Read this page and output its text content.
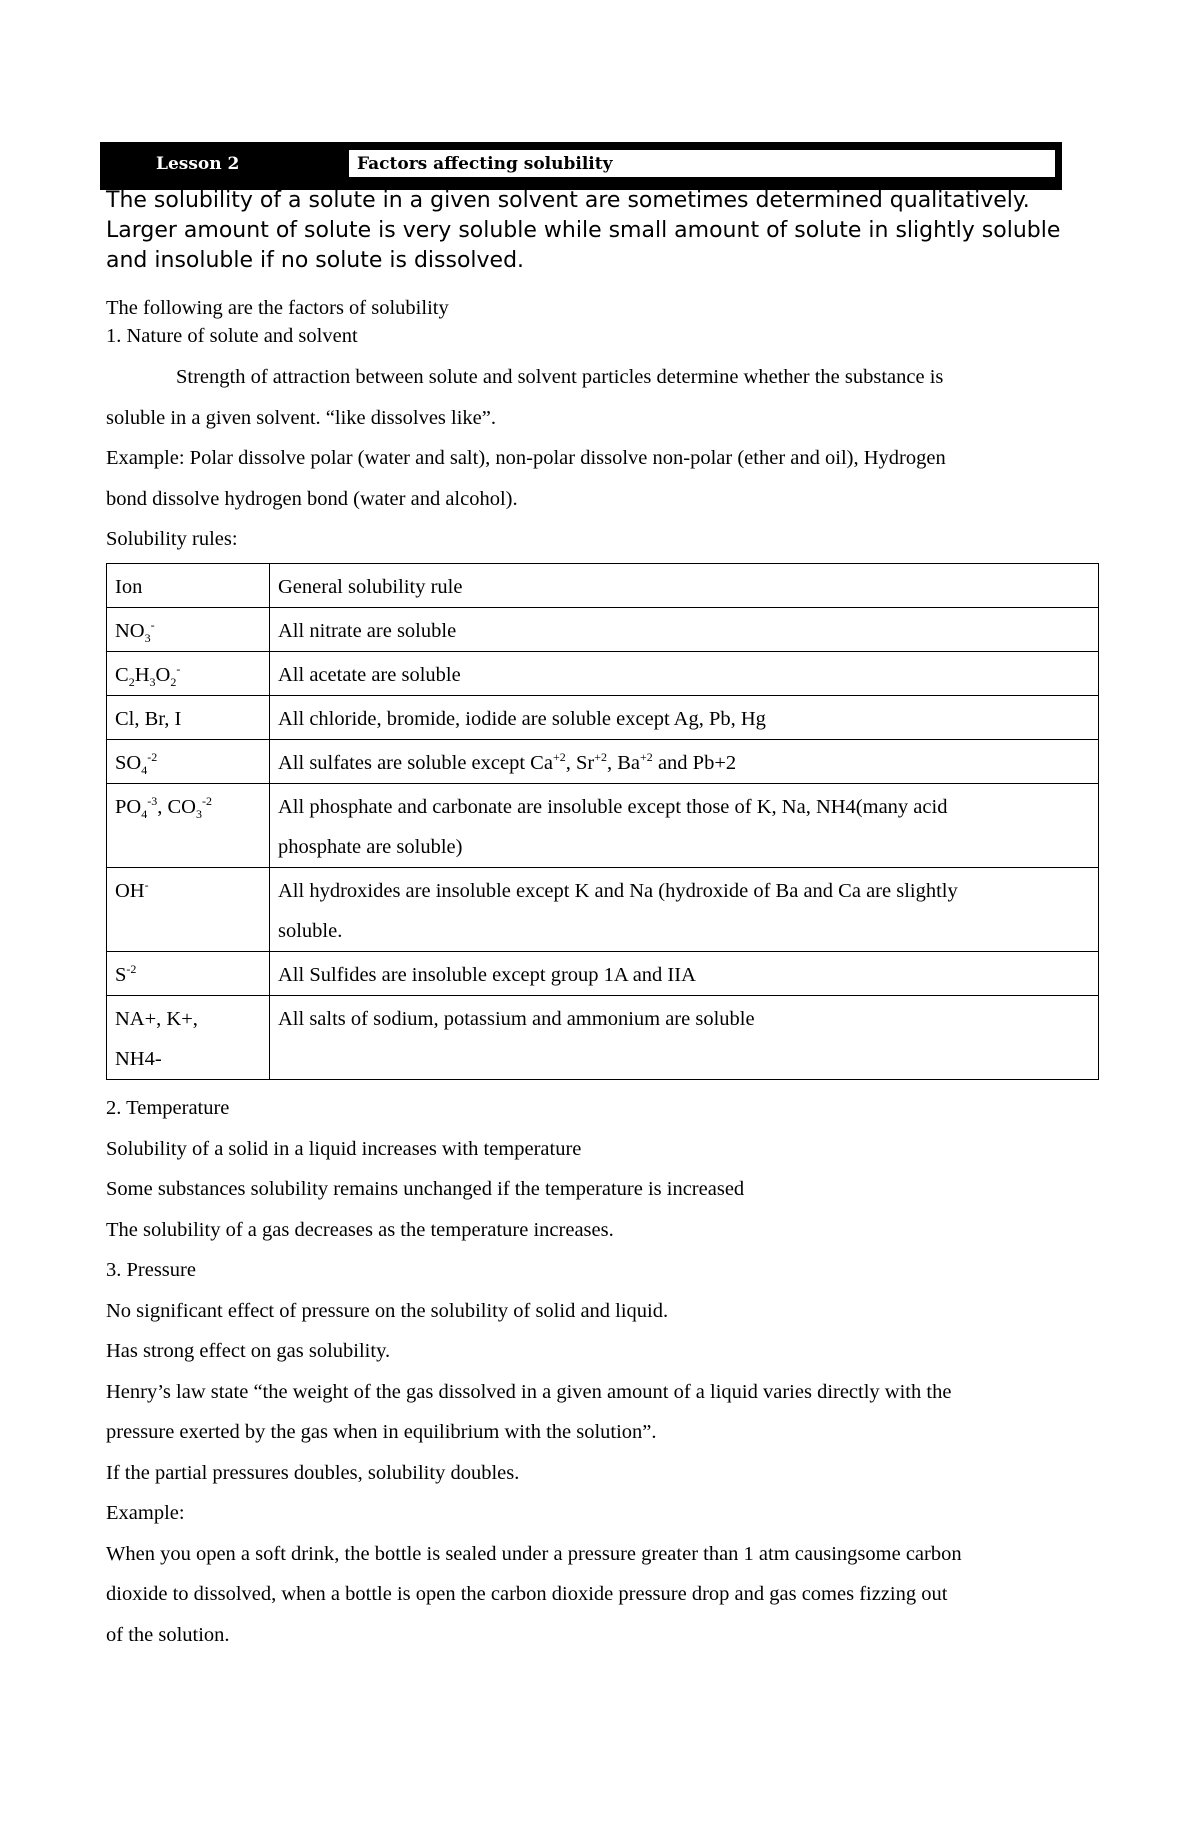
Lesson 2	Factors affecting solubility
The solubility of a solute in a given solvent are sometimes determined qualitatively. Larger amount of solute is very soluble while small amount of solute in slightly soluble and insoluble if no solute is dissolved.
The following are the factors of solubility
1. Nature of solute and solvent
Strength of attraction between solute and solvent particles determine whether the substance is
soluble in a given solvent. “like dissolves like”.
Example: Polar dissolve polar (water and salt), non-polar dissolve non-polar (ether and oil), Hydrogen
bond dissolve hydrogen bond (water and alcohol).
Solubility rules:
Ion	General solubility rule
$NO_3^-$	All nitrate are soluble
$C_2H_3O_2^-$	All acetate are soluble
Cl, Br, I	All chloride, bromide, iodide are soluble except Ag, Pb, Hg
$SO_4^{-2}$	All sulfates are soluble except $Ca^{+2}$, $Sr^{+2}$, $Ba^{+2}$ and Pb+2
$PO_4^{-3}$, $CO_3^{-2}$	All phosphate and carbonate are insoluble except those of K, Na, NH4(many acid
phosphate are soluble)

OH-	All hydroxides are insoluble except K and Na (hydroxide of Ba and Ca are slightly
soluble.

$S^{-2}$	All Sulfides are insoluble except group 1A and IIA

NA+, K+,
NH4-	All salts of sodium, potassium and ammonium are soluble
2. Temperature
Solubility of a solid in a liquid increases with temperature
Some substances solubility remains unchanged if the temperature is increased
The solubility of a gas decreases as the temperature increases.
3. Pressure
No significant effect of pressure on the solubility of solid and liquid.
Has strong effect on gas solubility.
Henry’s law state “the weight of the gas dissolved in a given amount of a liquid varies directly with the
pressure exerted by the gas when in equilibrium with the solution”.
If the partial pressures doubles, solubility doubles.
Example:
When you open a soft drink, the bottle is sealed under a pressure greater than 1 atm causingsome carbon
dioxide to dissolved, when a bottle is open the carbon dioxide pressure drop and gas comes fizzing out
of the solution.
